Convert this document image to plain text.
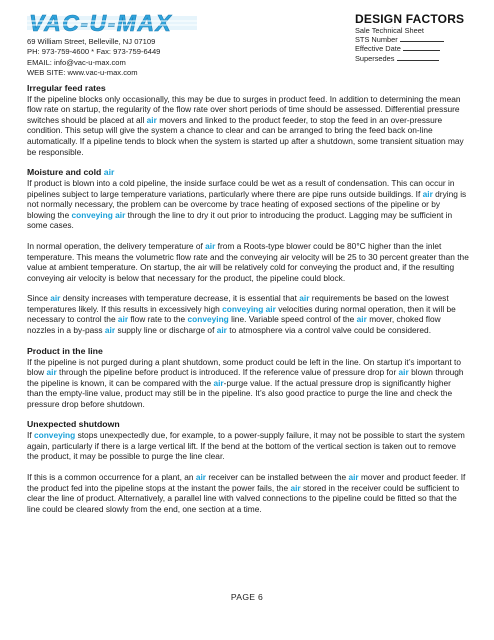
VAC-U-MAX
69 William Street, Belleville, NJ 07109
PH: 973-759-4600 * Fax: 973-759-6449
EMAIL: info@vac-u-max.com
WEB SITE: www.vac-u-max.com
DESIGN FACTORS
Sale Technical Sheet
STS Number
Effective Date
Supersedes
Irregular feed rates

If the pipeline blocks only occasionally, this may be due to surges in product feed. In addition to determining the mean flow rate on startup, the regularity of the flow rate over short periods of time should be assessed. Differential pressure switches should be placed at all air movers and linked to the product feeder, to stop the feed in an over-pressure condition. This setup will give the system a chance to clear and can be arranged to bring the feed back on-line automatically. If a pipeline tends to block when the system is started up after a shutdown, some transient situation may be responsible.

Moisture and cold air

If product is blown into a cold pipeline, the inside surface could be wet as a result of condensation. This can occur in pipelines subject to large temperature variations, particularly where there are pipe runs outside buildings. If air drying is not normally necessary, the problem can be overcome by trace heating of exposed sections of the pipeline or by blowing the conveying air through the line to dry it out prior to introducing the product. Lagging may be sufficient in some cases.

In normal operation, the delivery temperature of air from a Roots-type blower could be 80°C higher than the inlet temperature. This means the volumetric flow rate and the conveying air velocity will be 25 to 30 percent greater than the value at ambient temperature. On startup, the air will be relatively cold for conveying the product and, if the resulting conveying air velocity is below that necessary for the product, the pipeline could block.

Since air density increases with temperature decrease, it is essential that air requirements be based on the lowest temperatures likely. If this results in excessively high conveying air velocities during normal operation, then it will be necessary to control the air flow rate to the conveying line. Variable speed control of the air mover, choked flow nozzles in a by-pass air supply line or discharge of air to atmosphere via a control valve could be considered.

Product in the line

If the pipeline is not purged during a plant shutdown, some product could be left in the line. On startup it’s important to blow air through the pipeline before product is introduced. If the reference value of pressure drop for air blown through the pipeline is known, it can be compared with the air-purge value. If the actual pressure drop is significantly higher than the empty-line value, product may still be in the pipeline. It’s also good practice to purge the line and check the pressure drop before shutdown.

Unexpected shutdown

If conveying stops unexpectedly due, for example, to a power-supply failure, it may not be possible to start the system again, particularly if there is a large vertical lift. If the bend at the bottom of the vertical section is taken out to remove the product, it may be possible to purge the line clear.

If this is a common occurrence for a plant, an air receiver can be installed between the air mover and product feeder. If the product fed into the pipeline stops at the instant the power fails, the air stored in the receiver could be sufficient to clear the line of product. Alternatively, a parallel line with valved connections to the pipeline could be fitted so that the line could be cleared slowly from the end, one section at a time.

PAGE 6
